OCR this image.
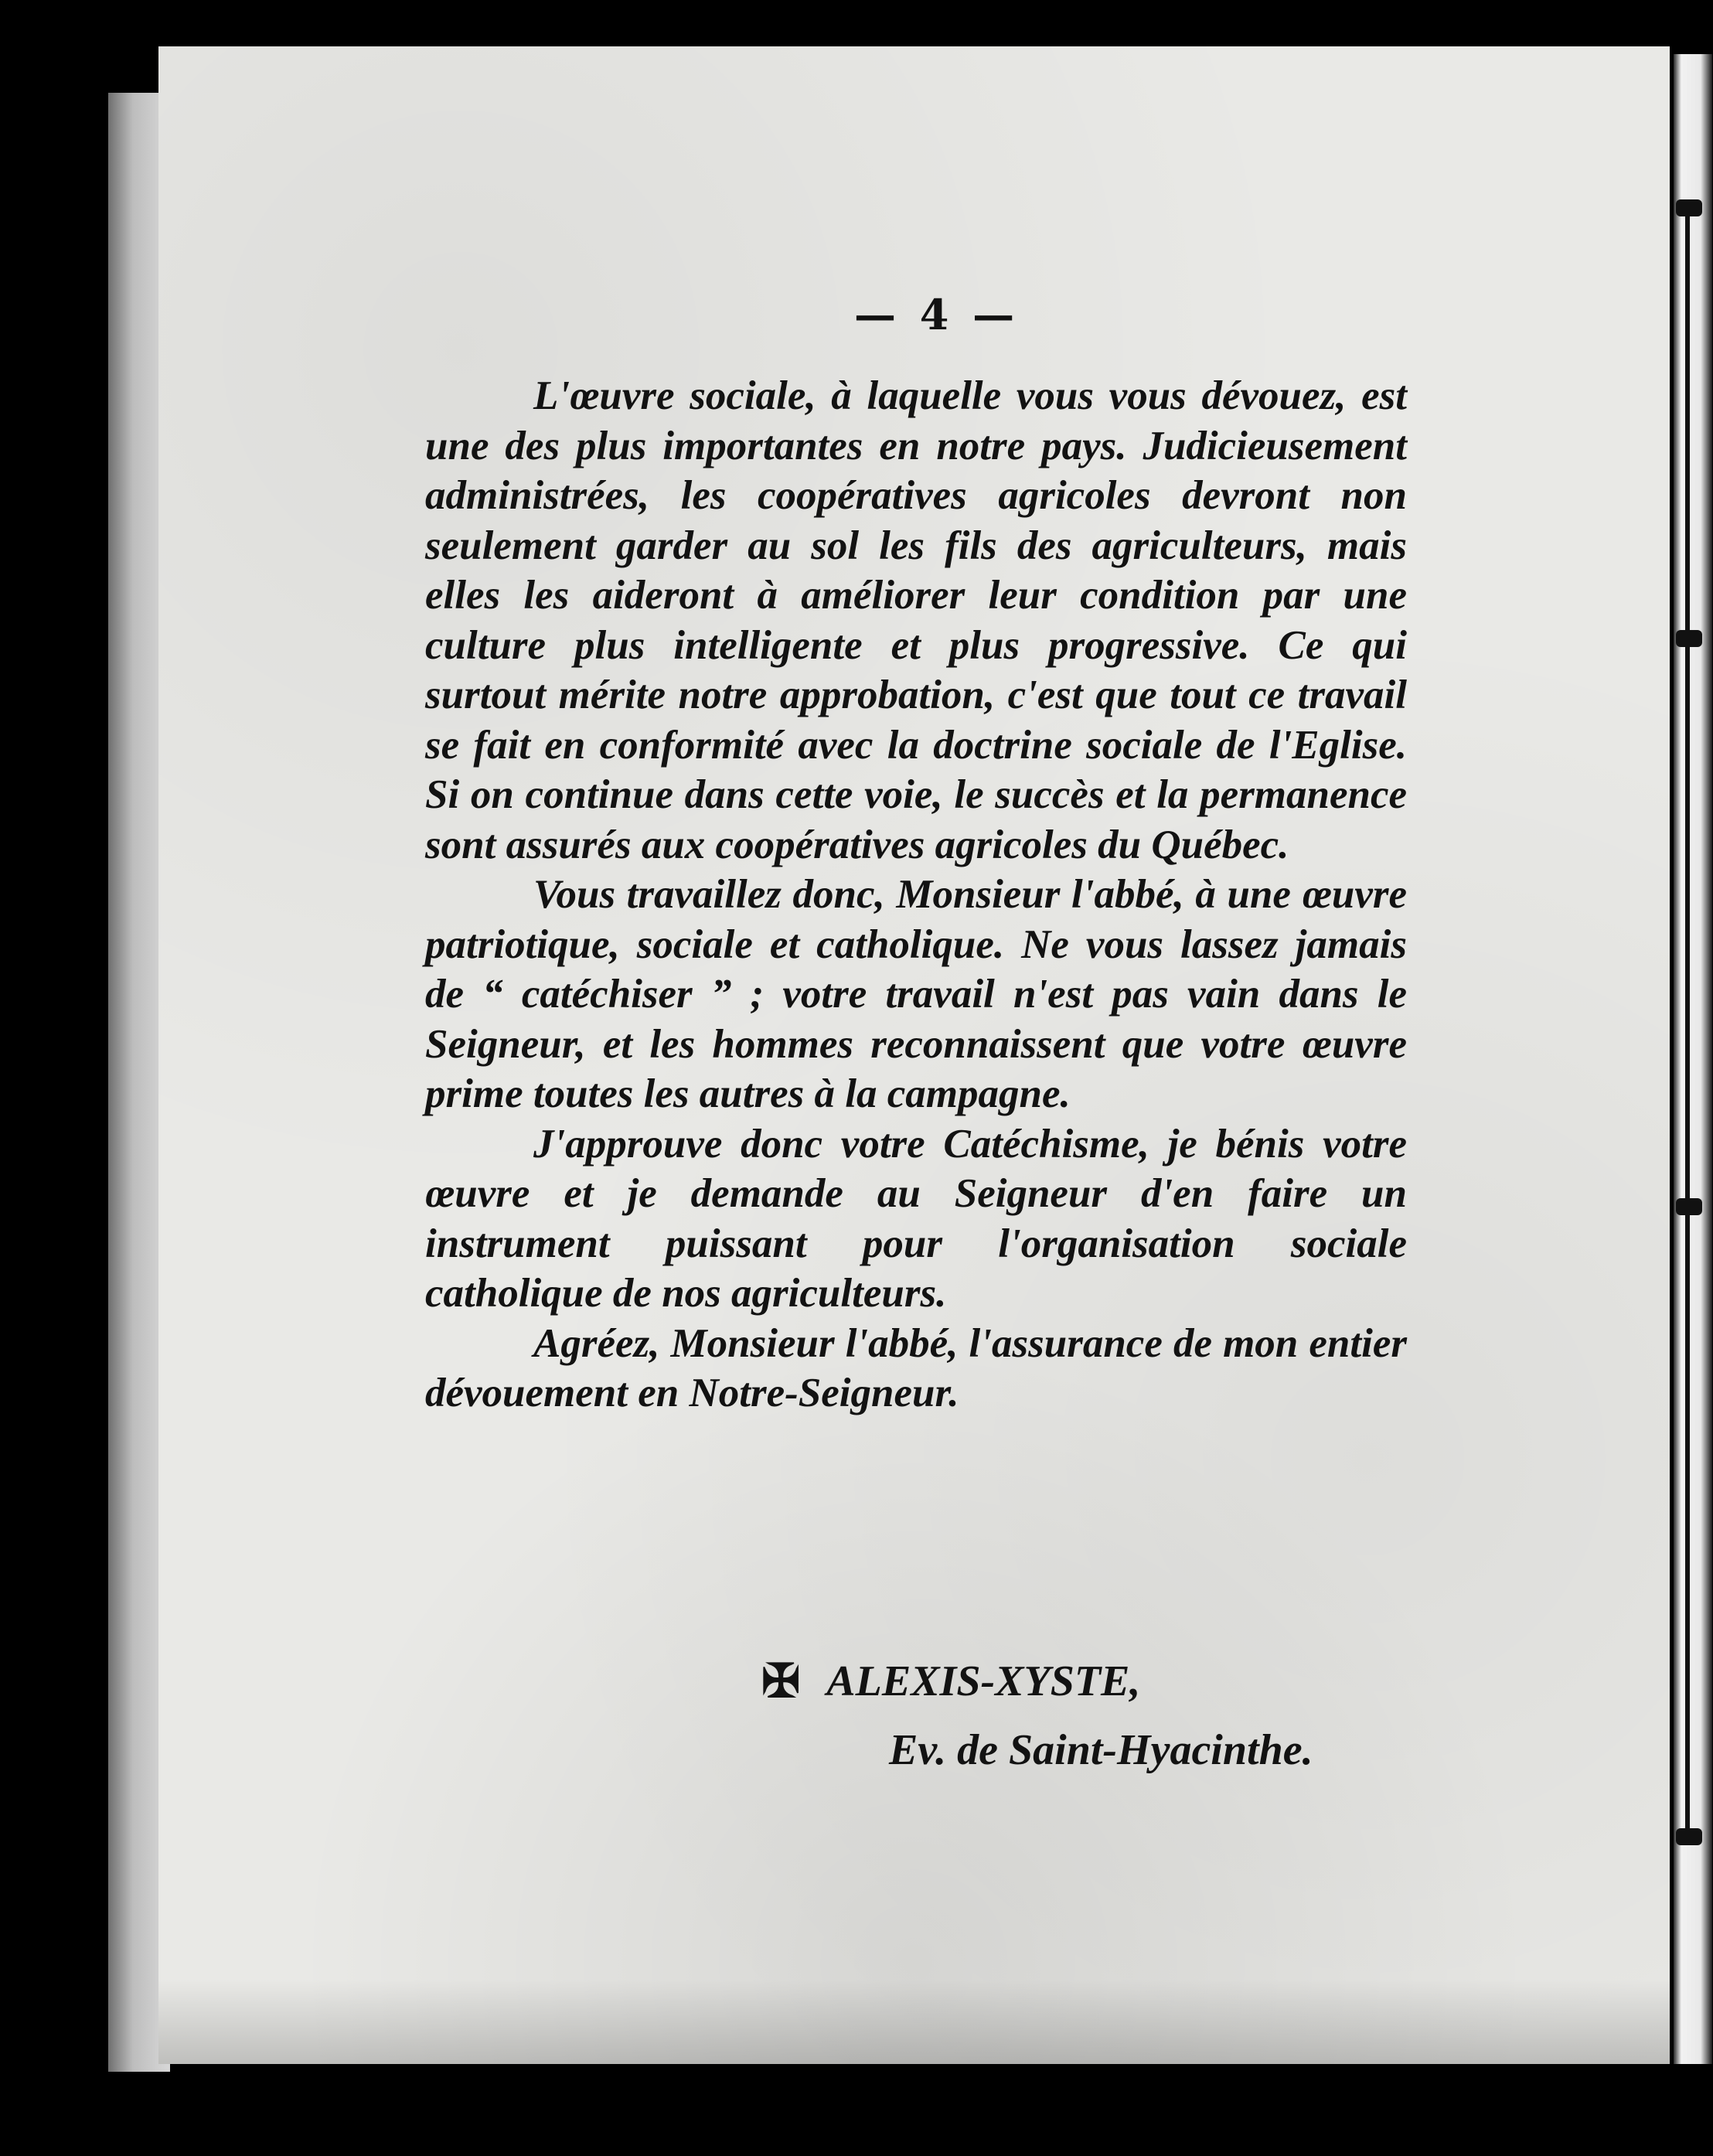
— 4 —

L'œuvre sociale, à laquelle vous vous dévouez, est une des plus importantes en notre pays. Judicieusement administrées, les coopératives agricoles devront non seulement garder au sol les fils des agriculteurs, mais elles les aideront à améliorer leur condition par une culture plus intelligente et plus progressive. Ce qui surtout mérite notre approbation, c'est que tout ce travail se fait en conformité avec la doctrine sociale de l'Eglise. Si on continue dans cette voie, le succès et la permanence sont assurés aux coopératives agricoles du Québec.

Vous travaillez donc, Monsieur l'abbé, à une œuvre patriotique, sociale et catholique. Ne vous lassez jamais de “ catéchiser ” ; votre travail n'est pas vain dans le Seigneur, et les hommes reconnaissent que votre œuvre prime toutes les autres à la campagne.

J'approuve donc votre Catéchisme, je bénis votre œuvre et je demande au Seigneur d'en faire un instrument puissant pour l'organisation sociale catholique de nos agriculteurs.

Agréez, Monsieur l'abbé, l'assurance de mon entier dévouement en Notre-Seigneur.

✠ ALEXIS-XYSTE,
Ev. de Saint-Hyacinthe.
